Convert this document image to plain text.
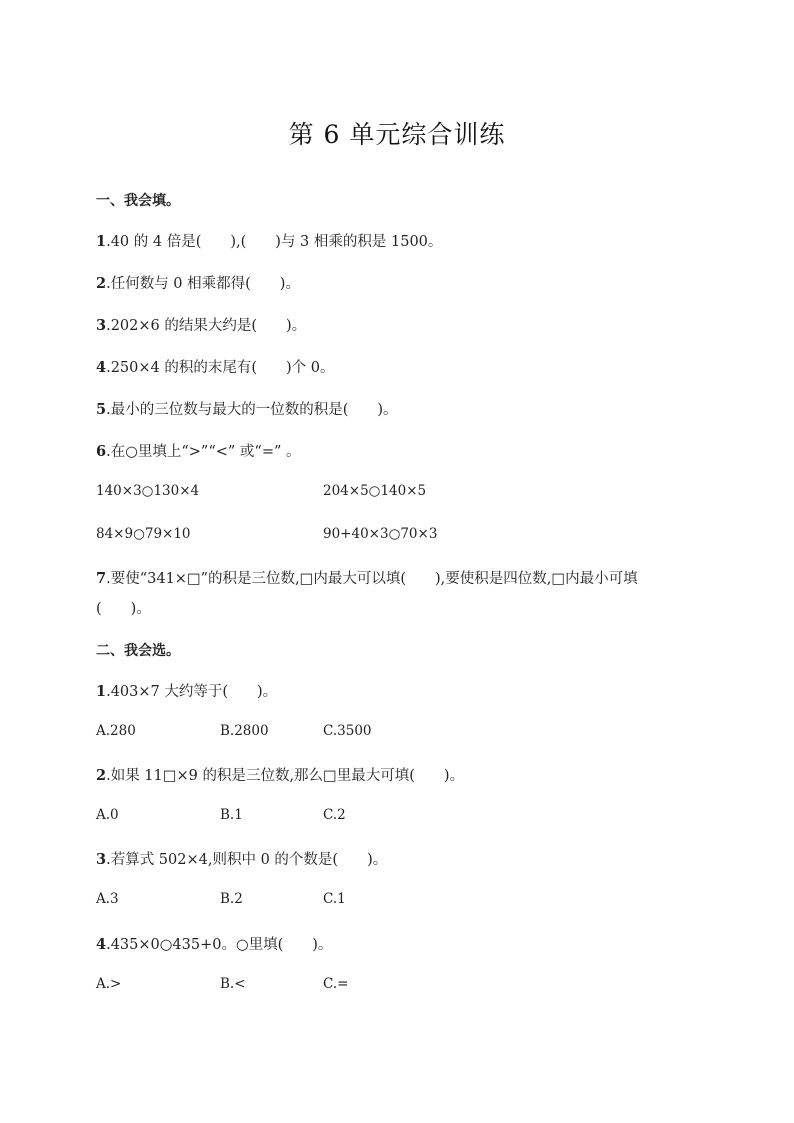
第 6 单元综合训练
一、我会填。
1.40 的 4 倍是(　　),(　　)与 3 相乘的积是 1500。
2.任何数与 0 相乘都得(　　)。
3.202×6 的结果大约是(　　)。
4.250×4 的积的末尾有(　　)个 0。
5.最小的三位数与最大的一位数的积是(　　)。
6.在○里填上“>”“<” 或“=” 。
140×3○130×4	204×5○140×5
84×9○79×10	90+40×3○70×3
7.要使“341×□”的积是三位数,□内最大可以填(　　),要使积是四位数,□内最小可填
(　　)。
二、我会选。
1.403×7 大约等于(　　)。
A.280	B.2800	C.3500
2.如果 11□×9 的积是三位数,那么□里最大可填(　　)。
A.0	B.1	C.2
3.若算式 502×4,则积中 0 的个数是(　　)。
A.3	B.2	C.1
4.435×0○435+0。○里填(　　)。
A.>	B.<	C.=
